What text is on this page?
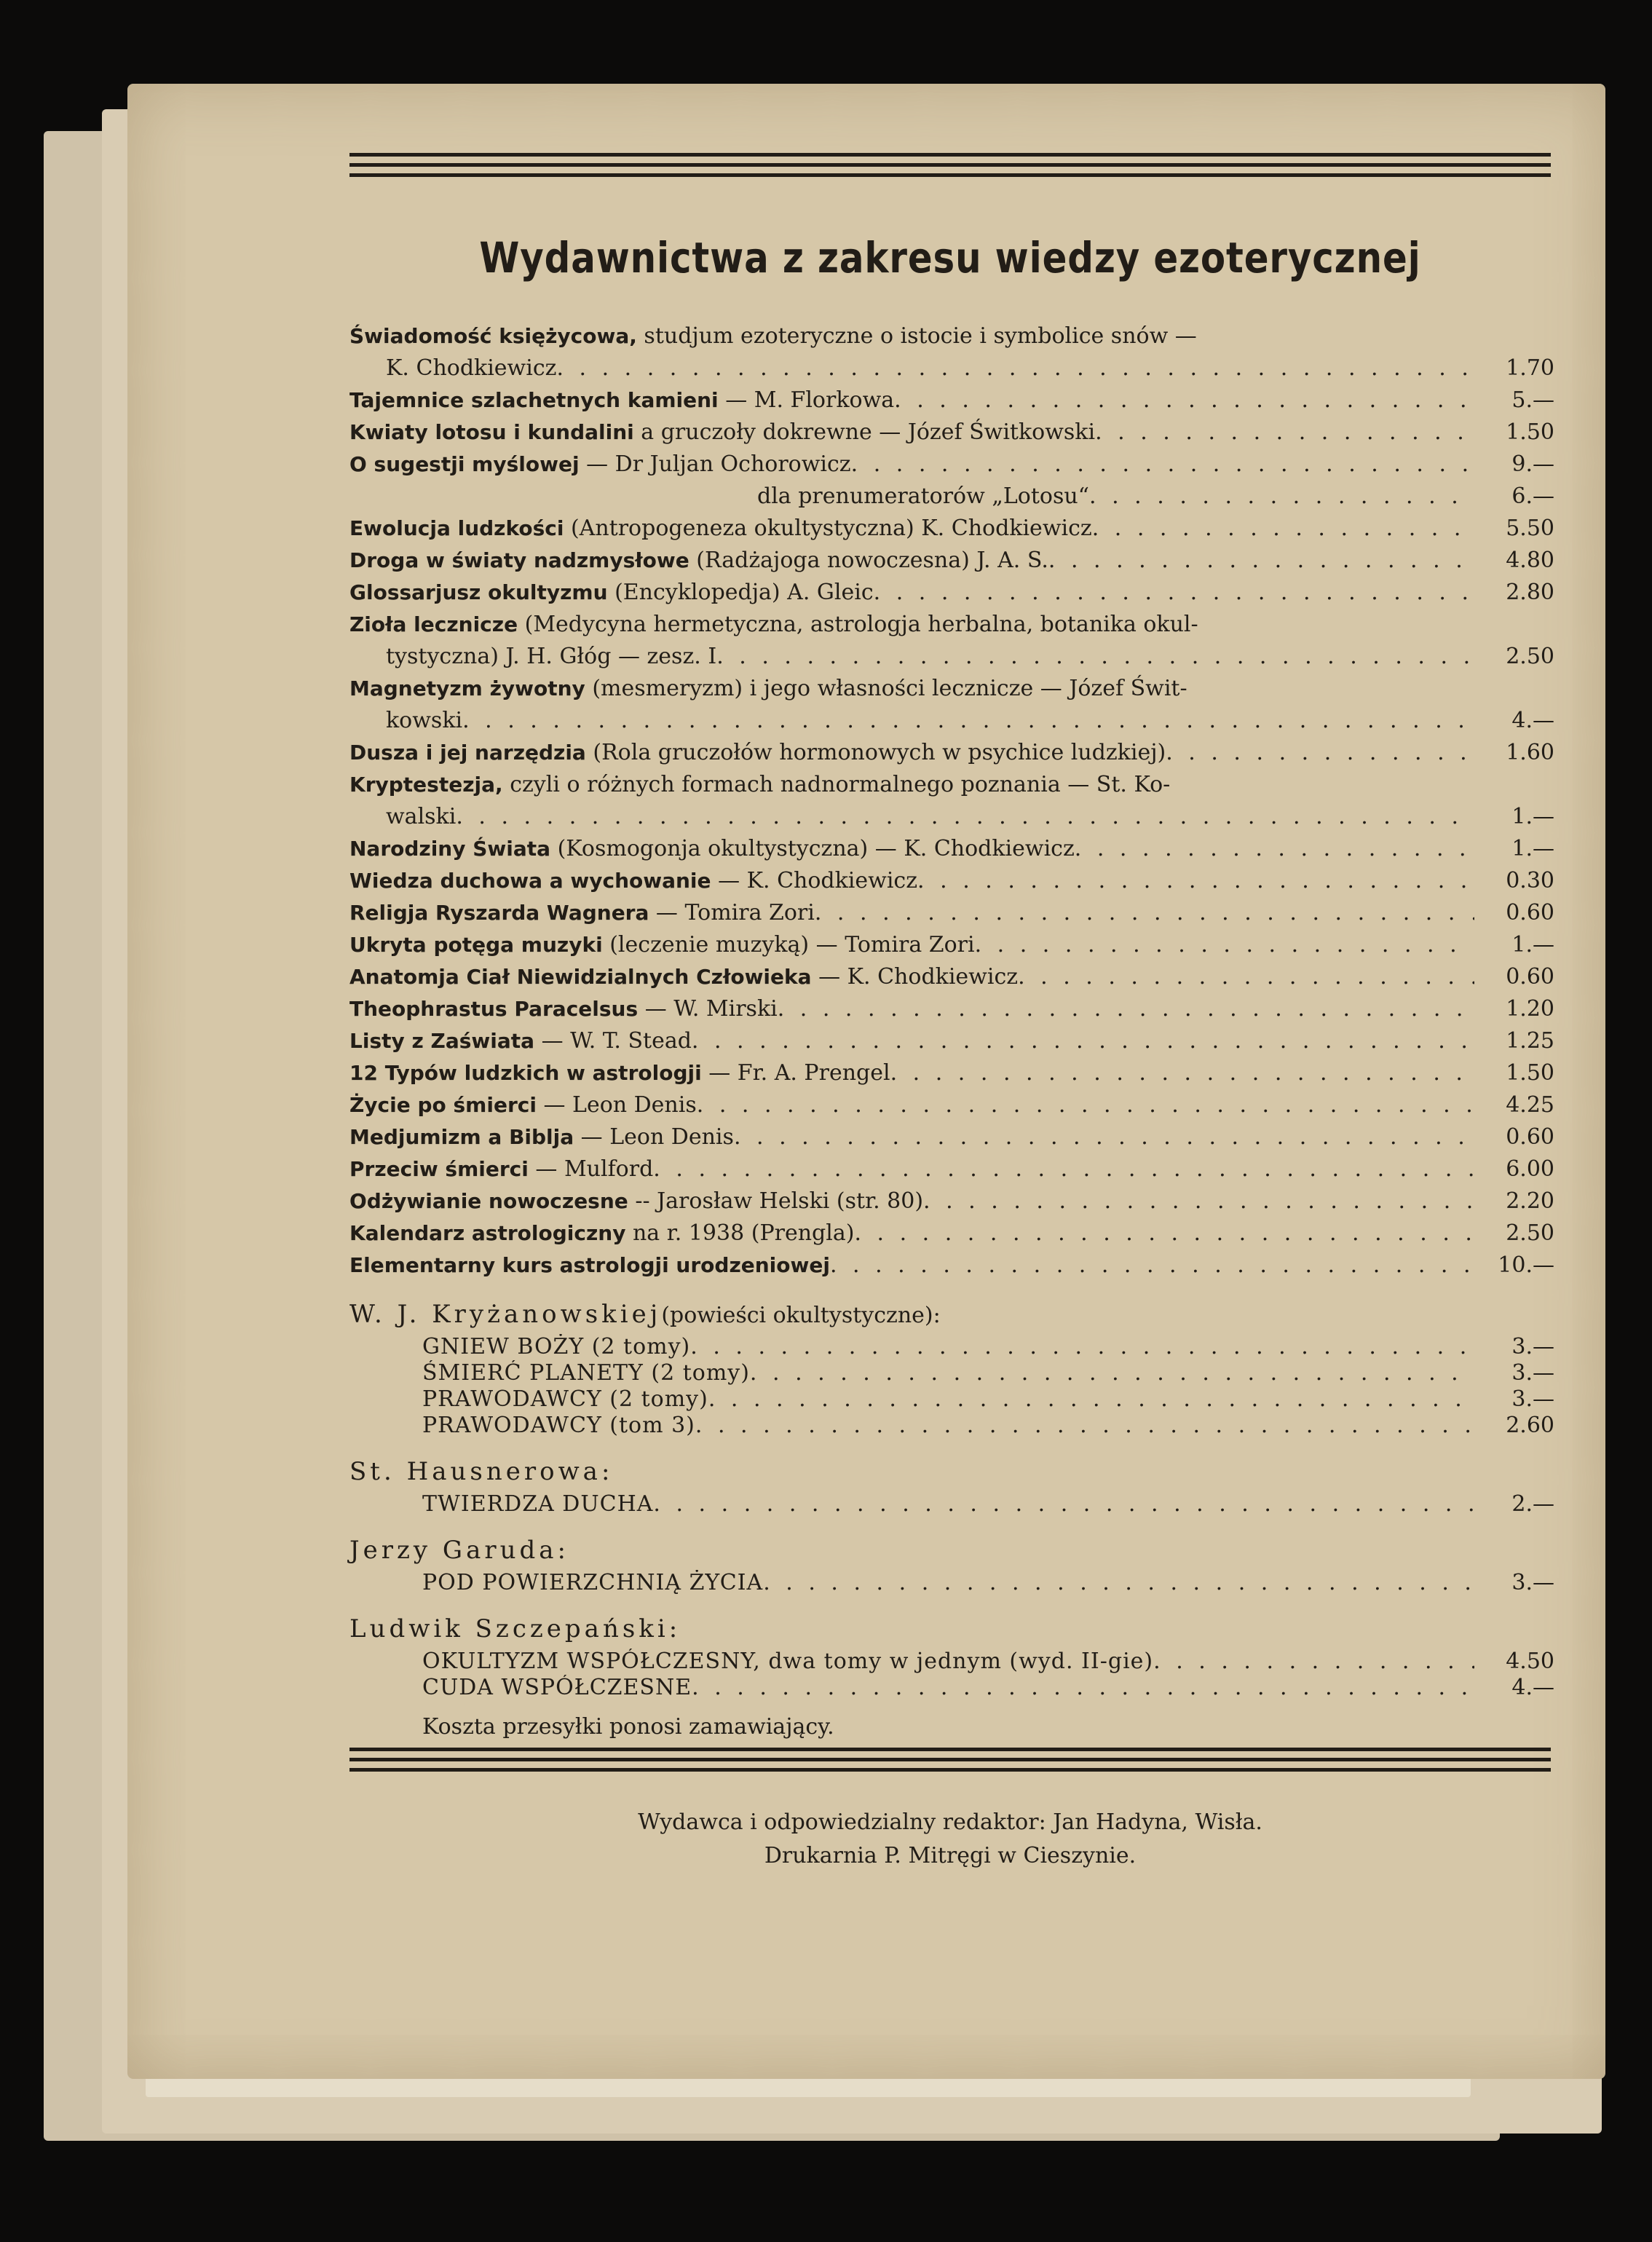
Wydawnictwa z zakresu wiedzy ezoterycznej
Świadomość księżycowa, studjum ezoteryczne o istocie i symbolice snów —
K. Chodkiewicz . . .	1.70
Tajemnice szlachetnych kamieni — M. Florkowa . . .	5.—
Kwiaty lotosu i kundalini a gruczoły dokrewne — Józef Świtkowski . . .	1.50
O sugestji myślowej — Dr Juljan Ochorowicz . . .	9.—
dla prenumeratorów „Lotosu“ . . .	6.—
Ewolucja ludzkości (Antropogeneza okultystyczna) K. Chodkiewicz . . .	5.50
Droga w światy nadzmysłowe (Radżajoga nowoczesna) J. A. S. . . .	4.80
Glossarjusz okultyzmu (Encyklopedja) A. Gleic . . .	2.80
Zioła lecznicze (Medycyna hermetyczna, astrologja herbalna, botanika okul-
tystyczna) J. H. Głóg — zesz. I . . .	2.50
Magnetyzm żywotny (mesmeryzm) i jego własności lecznicze — Józef Świt-
kowski . . .	4.—
Dusza i jej narzędzia (Rola gruczołów hormonowych w psychice ludzkiej) . . .	1.60
Kryptestezja, czyli o różnych formach nadnormalnego poznania — St. Ko-
walski . . .	1.—
Narodziny Świata (Kosmogonja okultystyczna) — K. Chodkiewicz . . .	1.—
Wiedza duchowa a wychowanie — K. Chodkiewicz . . .	0.30
Religja Ryszarda Wagnera — Tomira Zori . . .	0.60
Ukryta potęga muzyki (leczenie muzyką) — Tomira Zori . . .	1.—
Anatomja Ciał Niewidzialnych Człowieka — K. Chodkiewicz . . .	0.60
Theophrastus Paracelsus — W. Mirski . . .	1.20
Listy z Zaświata — W. T. Stead . . .	1.25
12 Typów ludzkich w astrologji — Fr. A. Prengel . . .	1.50
Życie po śmierci — Leon Denis . . .	4.25
Medjumizm a Biblja — Leon Denis . . .	0.60
Przeciw śmierci — Mulford . . .	6.00
Odżywianie nowoczesne -- Jarosław Helski (str. 80) . . .	2.20
Kalendarz astrologiczny na r. 1938 (Prengla) . . .	2.50
Elementarny kurs astrologji urodzeniowej . . .	10.—
W. J. Kryżanowskiej (powieści okultystyczne):
GNIEW BOŻY (2 tomy) . . .	3.—
ŚMIERĆ PLANETY (2 tomy) . . .	3.—
PRAWODAWCY (2 tomy) . . .	3.—
PRAWODAWCY (tom 3) . . .	2.60
St. Hausnerowa:
TWIERDZA DUCHA . . .	2.—
Jerzy Garuda:
POD POWIERZCHNIĄ ŻYCIA . . .	3.—
Ludwik Szczepański:
OKULTYZM WSPÓŁCZESNY, dwa tomy w jednym (wyd. II-gie) . . .	4.50
CUDA WSPÓŁCZESNE . . .	4.—
Koszta przesyłki ponosi zamawiający.
Wydawca i odpowiedzialny redaktor: Jan Hadyna, Wisła.
Drukarnia P. Mitręgi w Cieszynie.
